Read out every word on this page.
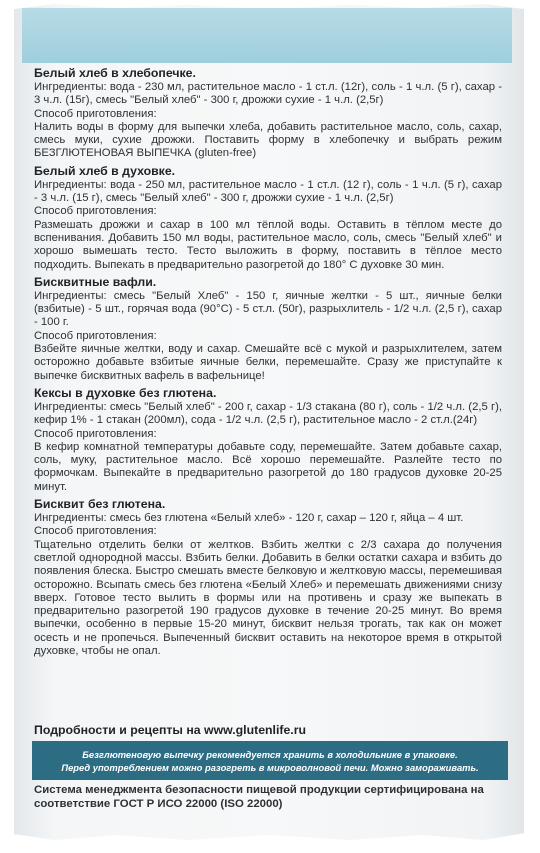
Белый хлеб в хлебопечке.
Ингредиенты: вода - 230 мл, растительное масло - 1 ст.л. (12г), соль - 1 ч.л. (5 г), сахар - 3 ч.л. (15г), смесь "Белый хлеб" - 300 г, дрожжи сухие - 1 ч.л. (2,5г)
Способ приготовления:
Налить воды в форму для выпечки хлеба, добавить растительное масло, соль, сахар, смесь муки, сухие дрожжи. Поставить форму в хлебопечку и выбрать режим БЕЗГЛЮТЕНОВАЯ ВЫПЕЧКА (gluten-free)
Белый хлеб в духовке.
Ингредиенты: вода - 250 мл, растительное масло - 1 ст.л. (12 г), соль - 1 ч.л. (5 г), сахар - 3 ч.л. (15 г), смесь "Белый хлеб" - 300 г, дрожжи сухие - 1 ч.л. (2,5г)
Способ приготовления:
Размешать дрожжи и сахар в 100 мл тёплой воды. Оставить в тёплом месте до вспенивания. Добавить 150 мл воды, растительное масло, соль, смесь "Белый хлеб" и хорошо вымешать тесто. Тесто выложить в форму, поставить в тёплое место подходить. Выпекать в предварительно разогретой до 180° С духовке 30 мин.
Бисквитные вафли.
Ингредиенты: смесь "Белый Хлеб" - 150 г, яичные желтки - 5 шт., яичные белки (взбитые) - 5 шт., горячая вода (90°С) - 5 ст.л. (50г), разрыхлитель - 1/2 ч.л. (2,5 г), сахар - 100 г.
Способ приготовления:
Взбейте яичные желтки, воду и сахар. Смешайте всё с мукой и разрыхлителем, затем осторожно добавьте взбитые яичные белки, перемешайте. Сразу же приступайте к выпечке бисквитных вафель в вафельнице!
Кексы в духовке без глютена.
Ингредиенты: смесь "Белый хлеб" - 200 г, сахар - 1/3 стакана (80 г), соль - 1/2 ч.л. (2,5 г), кефир 1% - 1 стакан (200мл), сода - 1/2 ч.л. (2,5 г), растительное масло - 2 ст.л.(24г)
Способ приготовления:
В кефир комнатной температуры добавьте соду, перемешайте. Затем добавьте сахар, соль, муку, растительное масло. Всё хорошо перемешайте. Разлейте тесто по формочкам. Выпекайте в предварительно разогретой до 180 градусов духовке 20-25 минут.
Бисквит без глютена.
Ингредиенты: смесь без глютена «Белый хлеб» - 120 г, сахар – 120 г, яйца – 4 шт.
Способ приготовления:
Тщательно отделить белки от желтков. Взбить желтки с 2/3 сахара до получения светлой однородной массы. Взбить белки. Добавить в белки остатки сахара и взбить до появления блеска. Быстро смешать вместе белковую и желтковую массы, перемешивая осторожно. Всыпать смесь без глютена «Белый Хлеб» и перемешать движениями снизу вверх. Готовое тесто вылить в формы или на противень и сразу же выпекать в предварительно разогретой 190 градусов духовке в течение 20-25 минут. Во время выпечки, особенно в первые 15-20 минут, бисквит нельзя трогать, так как он может осесть и не пропечься. Выпеченный бисквит оставить на некоторое время в открытой духовке, чтобы не опал.
Подробности и рецепты на www.glutenlife.ru
Безглютеновую выпечку рекомендуется хранить в холодильнике в упаковке.
Перед употреблением можно разогреть в микроволновой печи. Можно замораживать.
Система менеджмента безопасности пищевой продукции сертифицирована на соответствие ГОСТ Р ИСО 22000 (ISO 22000)
